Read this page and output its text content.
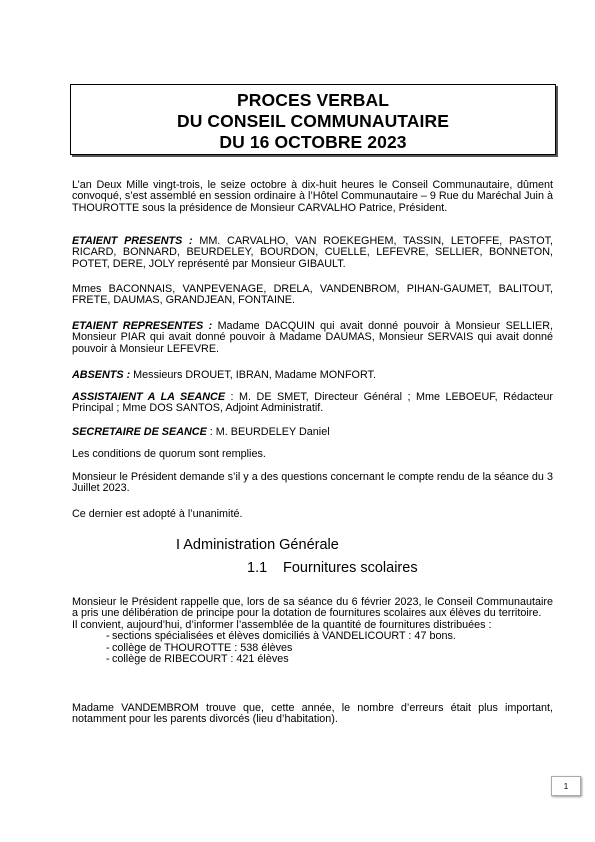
PROCES VERBAL
DU CONSEIL COMMUNAUTAIRE
DU 16 OCTOBRE 2023

L’an Deux Mille vingt-trois, le seize octobre à dix-huit heures le Conseil Communautaire, dûment convoqué, s’est assemblé en session ordinaire à l’Hôtel Communautaire – 9 Rue du Maréchal Juin à THOUROTTE sous la présidence de Monsieur CARVALHO Patrice, Président.

ETAIENT PRESENTS : MM. CARVALHO, VAN ROEKEGHEM, TASSIN, LETOFFE, PASTOT, RICARD, BONNARD, BEURDELEY, BOURDON, CUELLE, LEFEVRE, SELLIER, BONNETON, POTET, DERE, JOLY représenté par Monsieur GIBAULT.

Mmes BACONNAIS, VANPEVENAGE, DRELA, VANDENBROM, PIHAN-GAUMET, BALITOUT, FRETE, DAUMAS, GRANDJEAN, FONTAINE.

ETAIENT REPRESENTES : Madame DACQUIN qui avait donné pouvoir à Monsieur SELLIER, Monsieur PIAR qui avait donné pouvoir à Madame DAUMAS, Monsieur SERVAIS qui avait donné pouvoir à Monsieur LEFEVRE.

ABSENTS : Messieurs DROUET, IBRAN, Madame MONFORT.

ASSISTAIENT A LA SEANCE : M. DE SMET, Directeur Général ; Mme LEBOEUF, Rédacteur Principal ; Mme DOS SANTOS, Adjoint Administratif.

SECRETAIRE DE SEANCE : M. BEURDELEY Daniel

Les conditions de quorum sont remplies.

Monsieur le Président demande s’il y a des questions concernant le compte rendu de la séance du 3 Juillet 2023.

Ce dernier est adopté à l’unanimité.

I Administration Générale
1.1 Fournitures scolaires

Monsieur le Président rappelle que, lors de sa séance du 6 février 2023, le Conseil Communautaire a pris une délibération de principe pour la dotation de fournitures scolaires aux élèves du territoire.

Il convient, aujourd’hui, d’informer l’assemblée de la quantité de fournitures distribuées :

- sections spécialisées et élèves domiciliés à VANDELICOURT : 47 bons.
- collège de THOUROTTE : 538 élèves
- collège de RIBECOURT : 421 élèves

Madame VANDEMBROM trouve que, cette année, le nombre d’erreurs était plus important, notamment pour les parents divorcés (lieu d’habitation).

1
